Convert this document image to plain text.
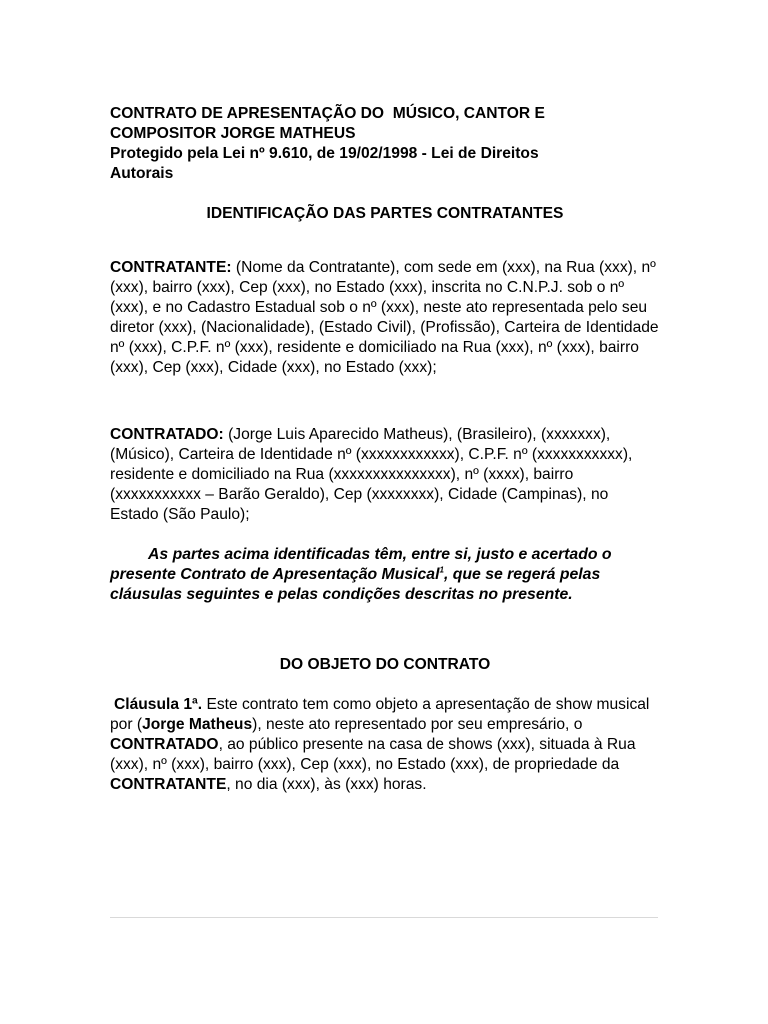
CONTRATO DE APRESENTAÇÃO DO  MÚSICO, CANTOR E
COMPOSITOR JORGE MATHEUS
Protegido pela Lei nº 9.610, de 19/02/1998 - Lei de Direitos
Autorais

IDENTIFICAÇÃO DAS PARTES CONTRATANTES

CONTRATANTE: (Nome da Contratante), com sede em (xxx), na Rua (xxx), nº (xxx), bairro (xxx), Cep (xxx), no Estado (xxx), inscrita no C.N.P.J. sob o nº (xxx), e no Cadastro Estadual sob o nº (xxx), neste ato representada pelo seu diretor (xxx), (Nacionalidade), (Estado Civil), (Profissão), Carteira de Identidade nº (xxx), C.P.F. nº (xxx), residente e domiciliado na Rua (xxx), nº (xxx), bairro (xxx), Cep (xxx), Cidade (xxx), no Estado (xxx);

CONTRATADO: (Jorge Luis Aparecido Matheus), (Brasileiro), (xxxxxxx), (Músico), Carteira de Identidade nº (xxxxxxxxxxxx), C.P.F. nº (xxxxxxxxxxx), residente e domiciliado na Rua (xxxxxxxxxxxxxxx), nº (xxxx), bairro (xxxxxxxxxxx – Barão Geraldo), Cep (xxxxxxxx), Cidade (Campinas), no Estado (São Paulo);

As partes acima identificadas têm, entre si, justo e acertado o presente Contrato de Apresentação Musical$^1$, que se regerá pelas cláusulas seguintes e pelas condições descritas no presente.

DO OBJETO DO CONTRATO

Cláusula 1ª. Este contrato tem como objeto a apresentação de show musical por (Jorge Matheus), neste ato representado por seu empresário, o CONTRATADO, ao público presente na casa de shows (xxx), situada à Rua (xxx), nº (xxx), bairro (xxx), Cep (xxx), no Estado (xxx), de propriedade da CONTRATANTE, no dia (xxx), às (xxx) horas.
